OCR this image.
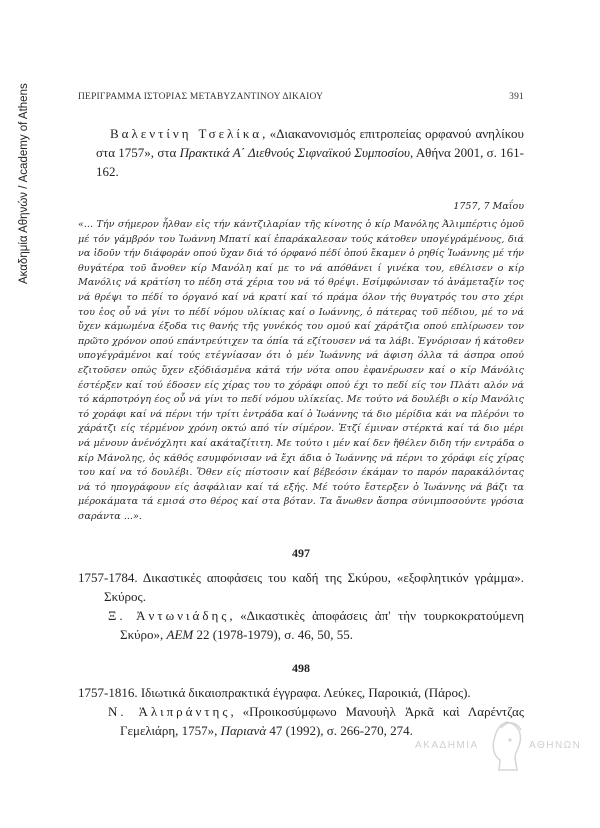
Ακαδημία Αθηνών / Academy of Athens	ΠΕΡΙΓΡΑΜΜΑ ΙΣΤΟΡΙΑΣ ΜΕΤΑΒΥΖΑΝΤΙΝΟΥ ΔΙΚΑΙΟΥ	391
Βαλεντίνη Τσελίκα, «Διακανονισμός επιτροπείας ορφανού ανηλίκου στα 1757», στα Πρακτικά Α΄ Διεθνούς Σιφναϊκού Συμποσίου, Αθήνα 2001, σ. 161-162.
1757, 7 Μαΐου
«... Τήν σήμερον ἦλθαν εἰς τήν κάντζιλαρίαν τῆς κίνοτης ὁ κίρ Μανόλης Ἀλιμπέρτις ὁμοῦ μέ τόν γάμβρόν του Ἰωάννη Μπατί καί ἐπαράκαλεσαν τούς κάτοθεν υπογέγράμένους, διά να ἰδοῦν τήν διάφοράν οπού ὔχαν διά τό όρφανό πέδί ὁπού ἔκαμεν ὁ ρηθίς Ἰωάννης μέ τήν θυγάτέρα τοῦ ἄνοθεν κίρ Μανόλη καί με το νά απόθάνει ί γινέκα του, εθέλισεν ο κίρ Μανόλις νά κράτίση το πέδη στά χέρια του νά τό θρέψι. Εσίμφώνισαν τό ἀνάμεταξίν τος νά θρέψι το πέδί το όργανό καί νά κρατί καί τό πράμα όλον τής θυγατρός του στο χέρι του ἐος οὗ νά γίνι το πέδί νόμου υλίκιας καί ο Ιωάννης, ὁ πάτερας τοῦ πέδιου, μέ το νά ὔχεν κάμωμένα έξοδα τις θανής τῆς γυνέκός του ομού καί χάράτζια οπού επλίρωσεν τον πρῶτο χρόνον οπού επάντρεύτιχεν τα όπία τά εζίτουσεν νά τα λάβι. Ἐγνόρισαν ή κάτοθεν υπογέγράμένοι καί τούς ετέγνίασαν ότι ὁ μέν Ἰωάννης νά άφιση όλλα τά άσπρα οπού εζιτοῦσεν οπώς ὔχεν εξόδιάσμένα κάτά τήν νότα οπου ὲφανέρωσεν καί ο κίρ Μάνόλις έστέρξεν καί τού έδοσεν είς χίρας του το χόράφι οπού έχι το πεδί είς τον Πλάτι αλόν νά τό κάρποτρόγη έος οὗ νά γίνι το πεδί νόμου υλίκείας. Με τούτο νά δουλέβι ο κίρ Μανόλις τό χοράφι καί νά πέρνι τήν τρίτι ἐντράδα καί ὁ Ἰωάννης τά διο μέρίδια κάι να πλέρόνι το χάράτζι είς τέρμένον χρόνη οκτώ από τίν σίμέρον. Ἐτζί έμιναν στέρκτά καί τά διο μέρι νά μένουν ἀνένόχλητι καί ακάταζίτιτη. Με τούτο ι μέν καί δεν ἤθέλεν διδη τήν εντράδα ο κίρ Μάνολης, ὁς κάθός εσυμφόνισαν νά ἔχι άδια ὁ Ἰωάννης νά πέρνι το χόράφι είς χίρας του καί να τό δουλέβι. Ὅθεν είς πίστοσιν καί βέβεόσιν έκάμαν το παρόν παρακάλόντας νά τό ηπογράφουν είς ἀσφάλιαν καί τά εξής. Μέ τούτο ἔστερξεν ὁ Ἰωάννης νά βάζι τα μέροκάματα τά εμισά στο θέρος καί στα βόταν. Τα ἄνωθεν ἄσπρα σύνιμποσούντε γρόσια σαράντα ...».
497
1757-1784. Δικαστικές αποφάσεις του καδή της Σκύρου, «εξοφλητικόν γράμμα». Σκύρος.
Ξ. Ἀντωνιάδης, «Δικαστικὲς ἀποφάσεις ἀπ' τὴν τουρκοκρατούμενη Σκύρο», ΑΕΜ 22 (1978-1979), σ. 46, 50, 55.
498
1757-1816. Ιδιωτικά δικαιοπρακτικά έγγραφα. Λεύκες, Παροικιά, (Πάρος).
Ν. Ἀλιπράντης, «Προικοσύμφωνο Μανουὴλ Ἀρκᾶ καὶ Λαρέντζας Γεμελιάρη, 1757», Παριανὰ 47 (1992), σ. 266-270, 274.
ΑΚΑΔΗΜΙΑ	ΑΘΗΝΩΝ
